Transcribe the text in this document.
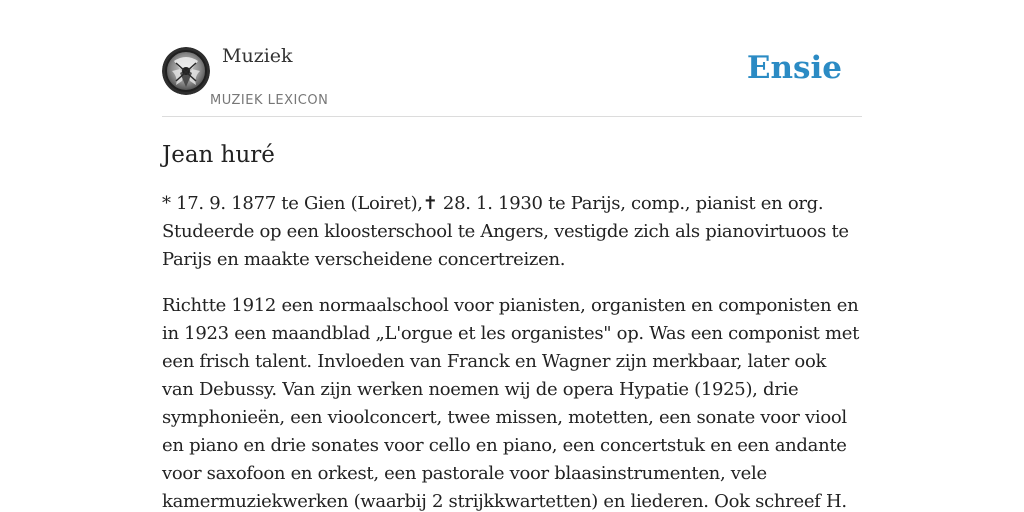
Muziek
MUZIEK LEXICON
Ensie
Jean huré

* 17. 9. 1877 te Gien (Loiret),✝ 28. 1. 1930 te Parijs, comp., pianist en org. Studeerde op een kloosterschool te Angers, vestigde zich als pianovirtuoos te Parijs en maakte verscheidene concertreizen.

Richtte 1912 een normaalschool voor pianisten, organisten en componisten en in 1923 een maandblad „L'orgue et les organistes" op. Was een componist met een frisch talent. Invloeden van Franck en Wagner zijn merkbaar, later ook van Debussy. Van zijn werken noemen wij de opera Hypatie (1925), drie symphonieën, een vioolconcert, twee missen, motetten, een sonate voor viool en piano en drie sonates voor cello en piano, een concertstuk en een andante voor saxofoon en orkest, een pastorale voor blaasinstrumenten, vele kamermuziekwerken (waarbij 2 strijkkwartetten) en liederen. Ook schreef H.
